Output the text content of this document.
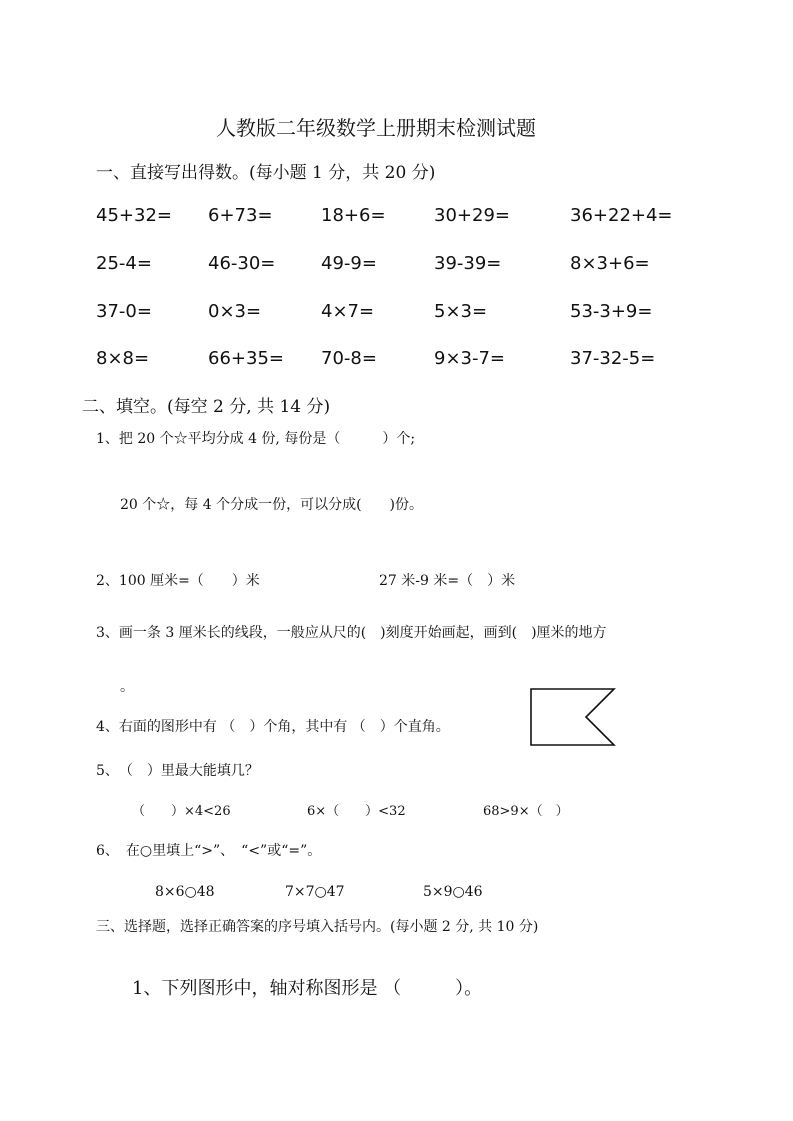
人教版二年级数学上册期末检测试题
一、直接写出得数。(每小题 1 分，共 20 分)
45+32= 6+73=	18+6=	30+29=	36+22+4=
25-4=	46-30=	49-9=	39-39=	8×3+6=
37-0=	0×3=	4×7=	5×3=	53-3+9=
8×8=	66+35= 70-8=	9×3-7=	37-32-5=
二、填空。(每空 2 分, 共 14 分)
1、把 20 个☆平均分成 4 份, 每份是（　　　）个;
20 个☆，每 4 个分成一份，可以分成(　　)份。
2、100 厘米=（　　）米	27 米-9 米=（　）米
3、画一条 3 厘米长的线段，一般应从尺的(　)刻度开始画起，画到(　)厘米的地方
。
4、右面的图形中有 （　）个角，其中有 （　）个直角。
5、　（　）里最大能填几？
（　　）×4<26	6×（　　）<32	68>9×（　）
6、　在○里填上“>”、　“<”或“=”。
8×6○48	7×7○47	5×9○46
三、选择题，选择正确答案的序号填入括号内。(每小题 2 分, 共 10 分)
1、下列图形中，轴对称图形是 （　　　）。
